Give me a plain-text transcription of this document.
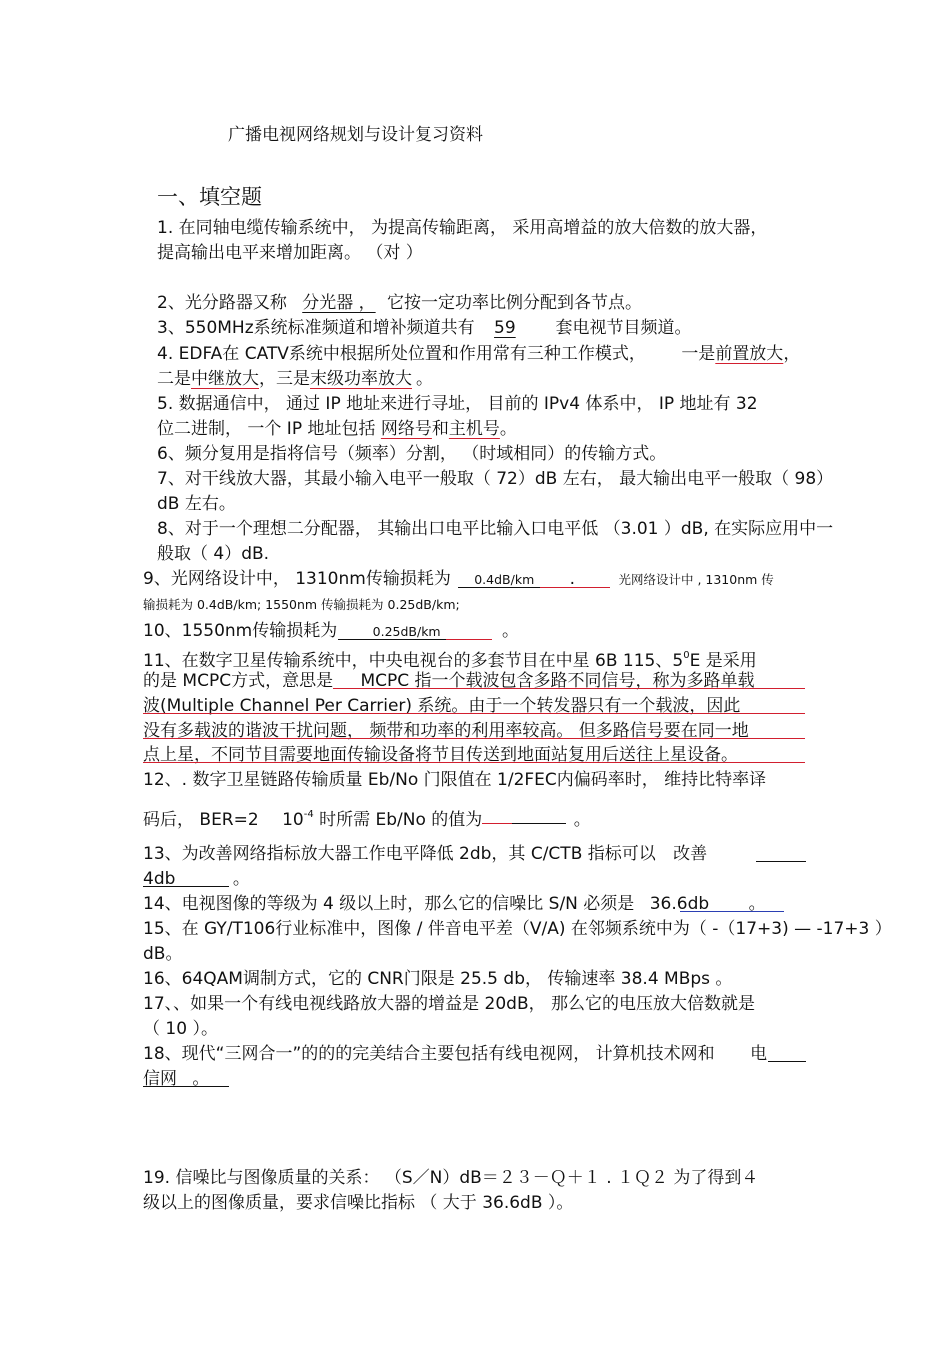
广播电视网络规划与设计复习资料
一、填空题
1. 在同轴电缆传输系统中， 为提高传输距离， 采用高增益的放大倍数的放大器，
提高输出电平来增加距离。 （对 ）
2、光分路器又称 分光器 ， 它按一定功率比例分配到各节点。
3、550MHz系统标准频道和增补频道共有 59 套电视节目频道。
4. EDFA在 CATV系统中根据所处位置和作用常有三种工作模式， 一是前置放大，
二是中继放大，三是末级功率放大 。
5. 数据通信中， 通过 IP 地址来进行寻址， 目前的 IPv4 体系中， IP 地址有 32
位二进制， 一个 IP 地址包括 网络号和主机号。
6、频分复用是指将信号（频率）分割， （时域相同）的传输方式。
7、对干线放大器，其最小输入电平一般取（ 72）dB 左右， 最大输出电平一般取（ 98）
dB 左右。
8、对于一个理想二分配器， 其输出口电平比输入口电平低 （3.01 ）dB, 在实际应用中一
般取（ 4）dB.
9、光网络设计中， 1310nm传输损耗为 0.4dB/km .	光网络设计中 , 1310nm 传
输损耗为 0.4dB/km; 1550nm 传输损耗为 0.25dB/km;
10、1550nm传输损耗为	0.25dB/km	。
11、在数字卫星传输系统中，中央电视台的多套节目在中星 6B 115、$5^0E$ 是采用
的是 MCPC方式，意思是 MCPC 指一个载波包含多路不同信号，称为多路单载
波(Multiple Channel Per Carrier) 系统。由于一个转发器只有一个载波，因此
没有多载波的谐波干扰问题， 频带和功率的利用率较高。 但多路信号要在同一地
点上星，不同节目需要地面传输设备将节目传送到地面站复用后送往上星设备。
12、. 数字卫星链路传输质量 Eb/No 门限值在 1/2FEC内偏码率时， 维持比特率译
码后， BER=2 $10^{-4}$ 时所需 Eb/No 的值为	。
13、为改善网络指标放大器工作电平降低 2db，其 C/CTB 指标可以 改善
4db	。
14、电视图像的等级为 4 级以上时，那么它的信噪比 S/N 必须是 36.6db 。
15、在 GY/T106行业标准中，图像 / 伴音电平差（V/A) 在邻频系统中为（ -（17+3) — -17+3 ）
dB。
16、64QAM调制方式，它的 CNR门限是 25.5 db， 传输速率 38.4 MBps 。
17、、如果一个有线电视线路放大器的增益是 20dB， 那么它的电压放大倍数就是
（ 10 ）。
18、现代“三网合一”的的的完美结合主要包括有线电视网， 计算机技术网和 电
信网 。
19. 信噪比与图像质量的关系： （S／N）dB＝２３－Ｑ＋１ . １Ｑ２ 为了得到４
级以上的图像质量，要求信噪比指标 （ 大于 36.6dB ）。
